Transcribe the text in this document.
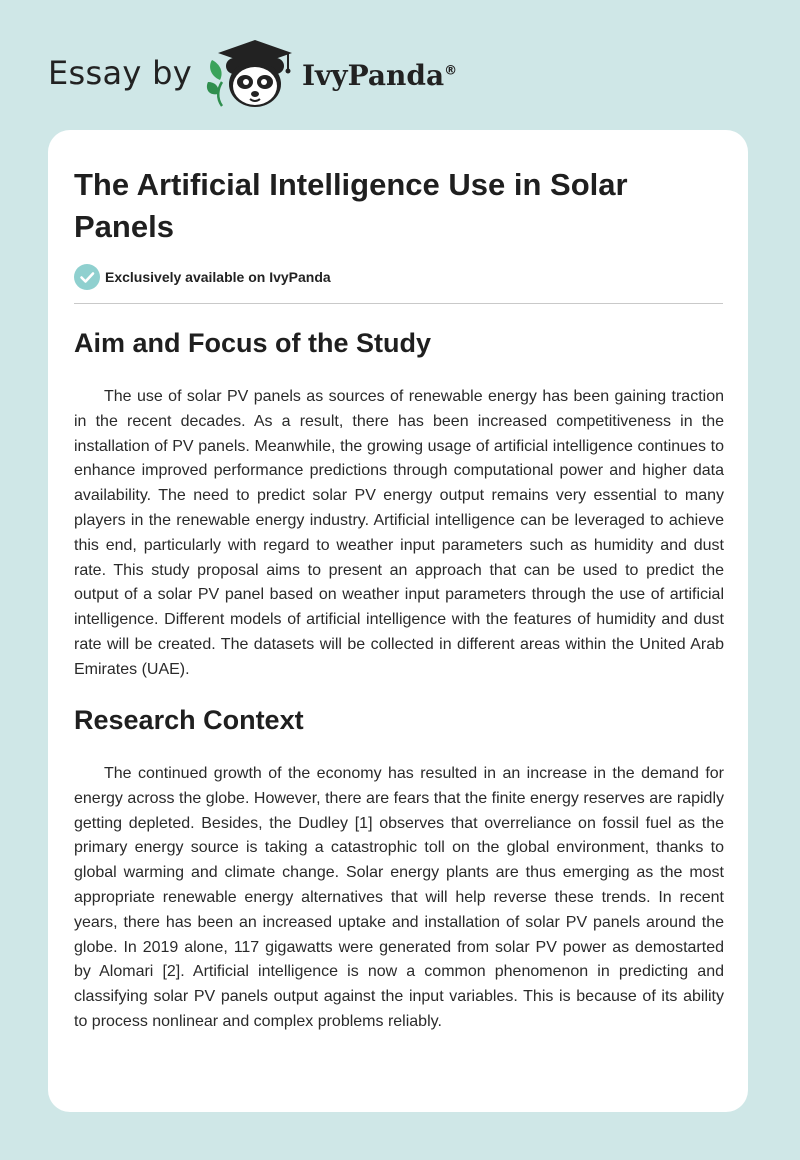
Essay by	IvyPanda®
The Artificial Intelligence Use in Solar Panels
Exclusively available on IvyPanda
Aim and Focus of the Study

The use of solar PV panels as sources of renewable energy has been gaining traction in the recent decades. As a result, there has been increased competitiveness in the installation of PV panels. Meanwhile, the growing usage of artificial intelligence continues to enhance improved performance predictions through computational power and higher data availability. The need to predict solar PV energy output remains very essential to many players in the renewable energy industry. Artificial intelligence can be leveraged to achieve this end, particularly with regard to weather input parameters such as humidity and dust rate. This study proposal aims to present an approach that can be used to predict the output of a solar PV panel based on weather input parameters through the use of artificial intelligence. Different models of artificial intelligence with the features of humidity and dust rate will be created. The datasets will be collected in different areas within the United Arab Emirates (UAE).

Research Context

The continued growth of the economy has resulted in an increase in the demand for energy across the globe. However, there are fears that the finite energy reserves are rapidly getting depleted. Besides, the Dudley [1] observes that overreliance on fossil fuel as the primary energy source is taking a catastrophic toll on the global environment, thanks to global warming and climate change. Solar energy plants are thus emerging as the most appropriate renewable energy alternatives that will help reverse these trends. In recent years, there has been an increased uptake and installation of solar PV panels around the globe. In 2019 alone, 117 gigawatts were generated from solar PV power as demostarted by Alomari [2]. Artificial intelligence is now a common phenomenon in predicting and classifying solar PV panels output against the input variables. This is because of its ability to process nonlinear and complex problems reliably.
